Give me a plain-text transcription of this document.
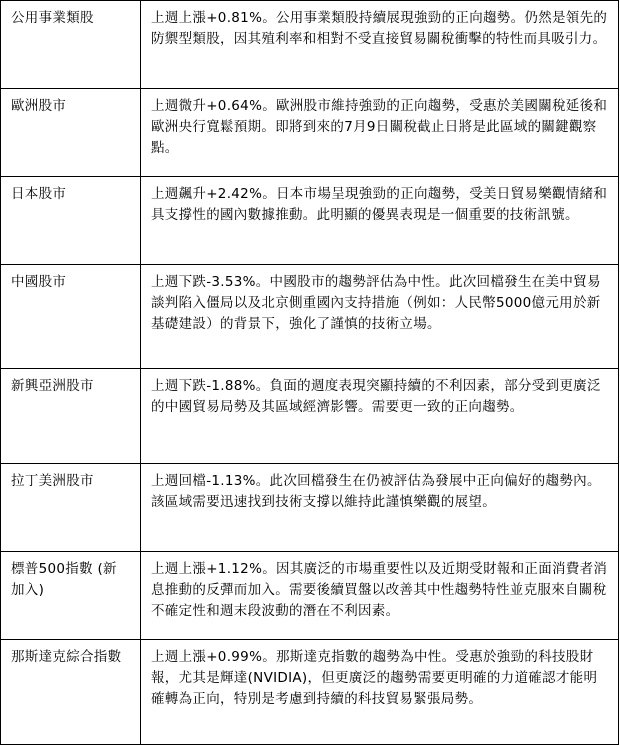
公用事業類股	上週上漲+0.81%。公用事業類股持續展現強勁的正向趨勢。仍然是領先的防禦型類股，因其殖利率和相對不受直接貿易關稅衝擊的特性而具吸引力。
歐洲股市	上週微升+0.64%。歐洲股市維持強勁的正向趨勢，受惠於美國關稅延後和歐洲央行寬鬆預期。即將到來的7月9日關稅截止日將是此區域的關鍵觀察點。
日本股市	上週飆升+2.42%。日本市場呈現強勁的正向趨勢，受美日貿易樂觀情緒和具支撐性的國內數據推動。此明顯的優異表現是一個重要的技術訊號。
中國股市	上週下跌-3.53%。中國股市的趨勢評估為中性。此次回檔發生在美中貿易談判陷入僵局以及北京側重國內支持措施（例如：人民幣5000億元用於新基礎建設）的背景下，強化了謹慎的技術立場。
新興亞洲股市	上週下跌-1.88%。負面的週度表現突顯持續的不利因素，部分受到更廣泛的中國貿易局勢及其區域經濟影響。需要更一致的正向趨勢。
拉丁美洲股市	上週回檔-1.13%。此次回檔發生在仍被評估為發展中正向偏好的趨勢內。該區域需要迅速找到技術支撐以維持此謹慎樂觀的展望。
標普500指數 (新加入)	上週上漲+1.12%。因其廣泛的市場重要性以及近期受財報和正面消費者消息推動的反彈而加入。需要後續買盤以改善其中性趨勢特性並克服來自關稅不確定性和週末段波動的潛在不利因素。
那斯達克綜合指數	上週上漲+0.99%。那斯達克指數的趨勢為中性。受惠於強勁的科技股財報，尤其是輝達(NVIDIA)，但更廣泛的趨勢需要更明確的力道確認才能明確轉為正向，特別是考慮到持續的科技貿易緊張局勢。
